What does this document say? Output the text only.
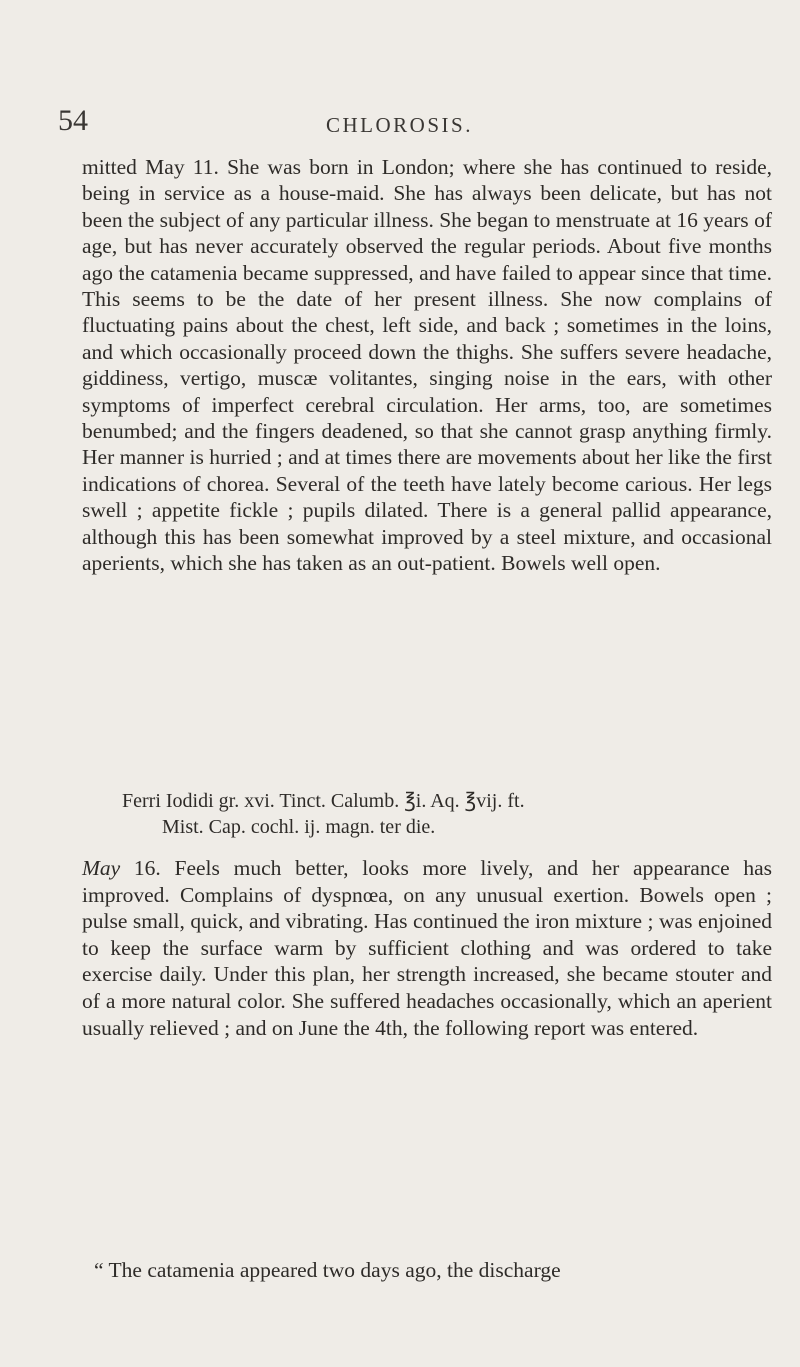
54	CHLOROSIS.

mitted May 11. She was born in London; where she has continued to reside, being in service as a house-maid. She has always been delicate, but has not been the subject of any particular illness. She began to menstruate at 16 years of age, but has never accurately observed the regular periods. About five months ago the catamenia became suppressed, and have failed to appear since that time. This seems to be the date of her present illness. She now complains of fluctuating pains about the chest, left side, and back ; sometimes in the loins, and which occasionally proceed down the thighs. She suffers severe headache, giddiness, vertigo, muscæ volitantes, singing noise in the ears, with other symptoms of imperfect cerebral circulation. Her arms, too, are sometimes benumbed; and the fingers deadened, so that she cannot grasp anything firmly. Her manner is hurried ; and at times there are movements about her like the first indications of chorea. Several of the teeth have lately become carious. Her legs swell ; appetite fickle ; pupils dilated. There is a general pallid appearance, although this has been somewhat improved by a steel mixture, and occasional aperients, which she has taken as an out-patient. Bowels well open.

Ferri Iodidi gr. xvi. Tinct. Calumb. ℥i. Aq. ℥vij. ft.

Mist. Cap. cochl. ij. magn. ter die.

May 16. Feels much better, looks more lively, and her appearance has improved. Complains of dyspnœa, on any unusual exertion. Bowels open ; pulse small, quick, and vibrating. Has continued the iron mixture ; was enjoined to keep the surface warm by sufficient clothing and was ordered to take exercise daily. Under this plan, her strength increased, she became stouter and of a more natural color. She suffered headaches occasionally, which an aperient usually relieved ; and on June the 4th, the following report was entered.

“ The catamenia appeared two days ago, the discharge
